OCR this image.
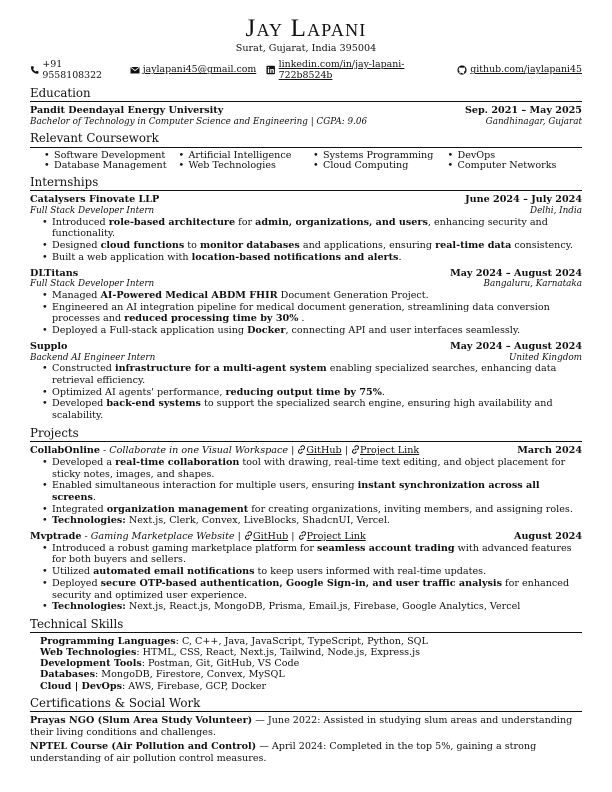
Jay Lapani
Surat, Gujarat, India 395004
+91 9558108322
jaylapani45@gmail.com
linkedin.com/in/jay-lapani-722b8524b
github.com/jaylapani45
Education
Pandit Deendayal Energy University	Sep. 2021 – May 2025
Bachelor of Technology in Computer Science and Engineering | CGPA: 9.06	Gandhinagar, Gujarat
Relevant Coursework
• Software Development
• Database Management
• Artificial Intelligence
• Web Technologies
• Systems Programming
• Cloud Computing
• DevOps
• Computer Networks
Internships
Catalysers Finovate LLP	June 2024 – July 2024
Full Stack Developer Intern	Delhi, India
• Introduced role-based architecture for admin, organizations, and users, enhancing security and functionality.
• Designed cloud functions to monitor databases and applications, ensuring real-time data consistency.
• Built a web application with location-based notifications and alerts.
DLTitans	May 2024 – August 2024
Full Stack Developer Intern	Bangaluru, Karnataka
• Managed AI-Powered Medical ABDM FHIR Document Generation Project.
• Engineered an AI integration pipeline for medical document generation, streamlining data conversion processes and reduced processing time by 30% .
• Deployed a Full-stack application using Docker, connecting API and user interfaces seamlessly.
Supplo	May 2024 – August 2024
Backend AI Engineer Intern	United Kingdom
• Constructed infrastructure for a multi-agent system enabling specialized searches, enhancing data retrieval efficiency.
• Optimized AI agents' performance, reducing output time by 75%.
• Developed back-end systems to support the specialized search engine, ensuring high availability and scalability.
Projects
CollabOnline - Collaborate in one Visual Workspace | GitHub | Project Link	March 2024
• Developed a real-time collaboration tool with drawing, real-time text editing, and object placement for sticky notes, images, and shapes.
• Enabled simultaneous interaction for multiple users, ensuring instant synchronization across all screens.
• Integrated organization management for creating organizations, inviting members, and assigning roles.
• Technologies: Next.js, Clerk, Convex, LiveBlocks, ShadcnUI, Vercel.
Mvptrade - Gaming Marketplace Website | GitHub | Project Link	August 2024
• Introduced a robust gaming marketplace platform for seamless account trading with advanced features for both buyers and sellers.
• Utilized automated email notifications to keep users informed with real-time updates.
• Deployed secure OTP-based authentication, Google Sign-in, and user traffic analysis for enhanced security and optimized user experience.
• Technologies: Next.js, React.js, MongoDB, Prisma, Email.js, Firebase, Google Analytics, Vercel
Technical Skills
Programming Languages: C, C++, Java, JavaScript, TypeScript, Python, SQL
Web Technologies: HTML, CSS, React, Next.js, Tailwind, Node.js, Express.js
Development Tools: Postman, Git, GitHub, VS Code
Databases: MongoDB, Firestore, Convex, MySQL
Cloud | DevOps: AWS, Firebase, GCP, Docker
Certifications & Social Work
Prayas NGO (Slum Area Study Volunteer) — June 2022: Assisted in studying slum areas and understanding their living conditions and challenges.
NPTEL Course (Air Pollution and Control) — April 2024: Completed in the top 5%, gaining a strong understanding of air pollution control measures.
